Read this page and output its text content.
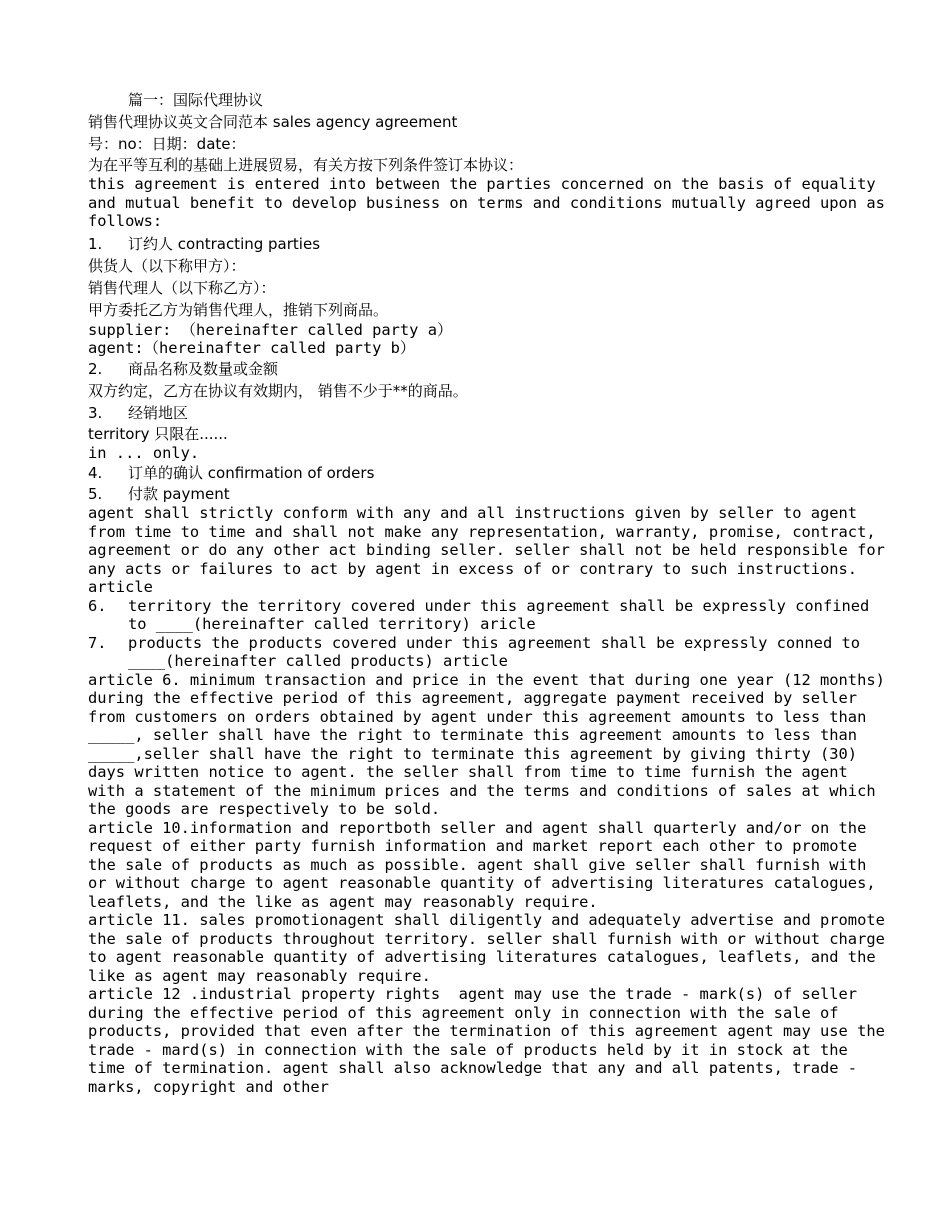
篇一：国际代理协议
销售代理协议英文合同范本 sales agency agreement
号：no：日期：date：
为在平等互利的基础上进展贸易，有关方按下列条件签订本协议：
this agreement is entered into between the parties concerned on the basis of equality and mutual benefit to develop business on terms and conditions mutually agreed upon as follows:
1.	订约人 contracting parties
供货人（以下称甲方）：
销售代理人（以下称乙方）：
甲方委托乙方为销售代理人，推销下列商品。
supplier: （hereinafter called party a）
agent:（hereinafter called party b）
2.	商品名称及数量或金额
双方约定，乙方在协议有效期内， 销售不少于**的商品。
3.	经销地区
territory 只限在......
in ... only.
4.	订单的确认 confirmation of orders
5.	付款 payment
agent shall strictly conform with any and all instructions given by seller to agent from time to time and shall not make any representation, warranty, promise, contract, agreement or do any other act binding seller. seller shall not be held responsible for any acts or failures to act by agent in excess of or contrary to such instructions. article
6.	territory the territory covered under this agreement shall be expressly confined to ____(hereinafter called territory) aricle
7.	products the products covered under this agreement shall be expressly conned to ____(hereinafter called products) article
article 6. minimum transaction and price in the event that during one year (12 months) during the effective period of this agreement, aggregate payment received by seller from customers on orders obtained by agent under this agreement amounts to less than _____, seller shall have the right to terminate this agreement amounts to less than _____,seller shall have the right to terminate this agreement by giving thirty (30) days written notice to agent. the seller shall from time to time furnish the agent with a statement of the minimum prices and the terms and conditions of sales at which the goods are respectively to be sold.
article 10.information and reportboth seller and agent shall quarterly and/or on the request of either party furnish information and market report each other to promote the sale of products as much as possible. agent shall give seller shall furnish with or without charge to agent reasonable quantity of advertising literatures catalogues, leaflets, and the like as agent may reasonably require.
article 11. sales promotionagent shall diligently and adequately advertise and promote the sale of products throughout territory. seller shall furnish with or without charge to agent reasonable quantity of advertising literatures catalogues, leaflets, and the like as agent may reasonably require.
article 12 .industrial property rights  agent may use the trade - mark(s) of seller during the effective period of this agreement only in connection with the sale of products, provided that even after the termination of this agreement agent may use the trade - mard(s) in connection with the sale of products held by it in stock at the time of termination. agent shall also acknowledge that any and all patents, trade - marks, copyright and other
